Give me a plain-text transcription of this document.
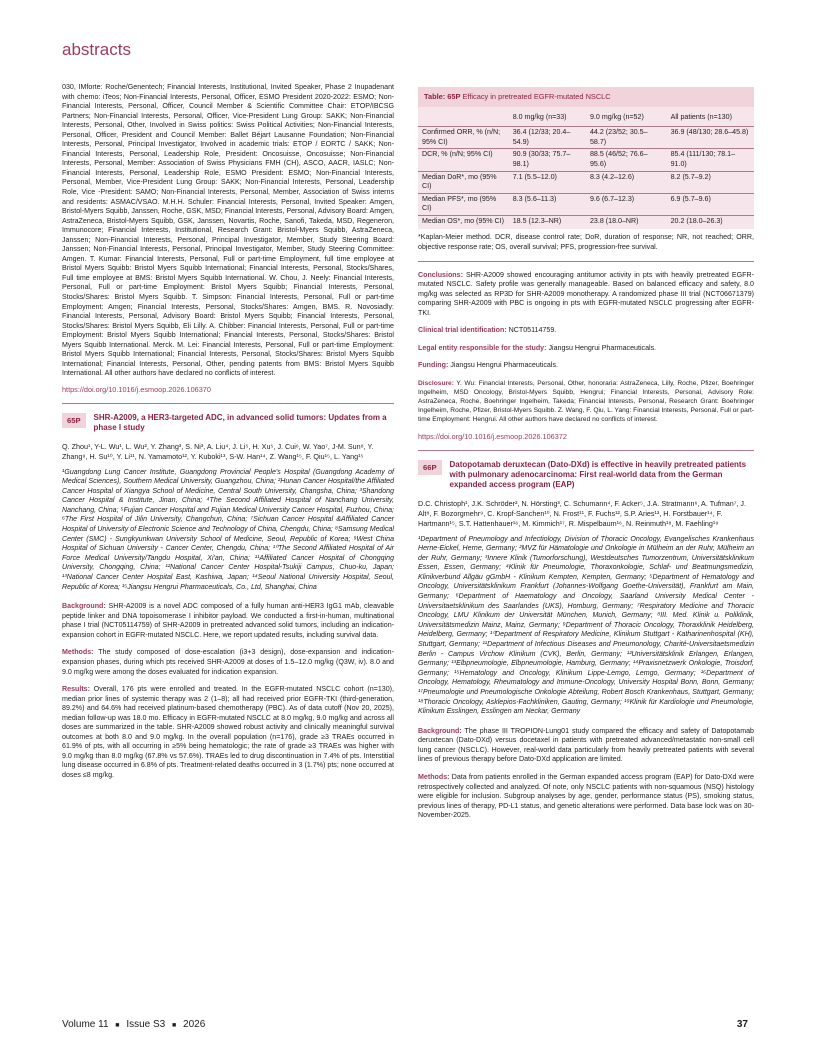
abstracts

030, IMforte: Roche/Genentech; Financial Interests, Institutional, Invited Speaker, Phase 2 Inupadenant with chemo: iTeos; Non-Financial Interests, Personal, Officer, ESMO President 2020-2022: ESMO; Non-Financial Interests, Personal, Officer, Council Member & Scientific Committee Chair: ETOP/IBCSG Partners; Non-Financial Interests, Personal, Officer, Vice-President Lung Group: SAKK; Non-Financial Interests, Personal, Other, Involved in Swiss politics: Swiss Political Activities; Non-Financial Interests, Personal, Officer, President and Council Member: Ballet Béjart Lausanne Foundation; Non-Financial Interests, Personal, Principal Investigator, Involved in academic trials: ETOP / EORTC / SAKK; Non-Financial Interests, Personal, Leadership Role, President: Oncosuisse, Oncosuisse; Non-Financial Interests, Personal, Member: Association of Swiss Physicians FMH (CH), ASCO, AACR, IASLC; Non-Financial Interests, Personal, Leadership Role, ESMO President: ESMO; Non-Financial Interests, Personal, Member, Vice-President Lung Group: SAKK; Non-Financial Interests, Personal, Leadership Role, Vice -President: SAMO; Non-Financial Interests, Personal, Member, Association of Swiss interns and residents: ASMAC/VSAO. M.H.H. Schuler: Financial Interests, Personal, Invited Speaker: Amgen, Bristol-Myers Squibb, Janssen, Roche, GSK, MSD; Financial Interests, Personal, Advisory Board: Amgen, AstraZeneca, Bristol-Myers Squibb, GSK, Janssen, Novartis, Roche, Sanofi, Takeda, MSD, Regeneron, Immunocore; Financial Interests, Institutional, Research Grant: Bristol-Myers Squibb, AstraZeneca, Janssen; Non-Financial Interests, Personal, Principal Investigator, Member, Study Steering Board: Janssen; Non-Financial Interests, Personal, Principal Investigator, Member, Study Steering Committee: Amgen. T. Kumar: Financial Interests, Personal, Full or part-time Employment, full time employee at Bristol Myers Squibb: Bristol Myers Squibb International; Financial Interests, Personal, Stocks/Shares, Full time employee at BMS: Bristol Myers Squibb International. W. Chou, J. Neely: Financial Interests, Personal, Full or part-time Employment: Bristol Myers Squibb; Financial Interests, Personal, Stocks/Shares: Bristol Myers Squibb. T. Simpson: Financial Interests, Personal, Full or part-time Employment: Amgen; Financial Interests, Personal, Stocks/Shares: Amgen, BMS. R. Novosiadly: Financial Interests, Personal, Advisory Board: Bristol Myers Squibb; Financial Interests, Personal, Stocks/Shares: Bristol Myers Squibb, Eli Lilly. A. Chibber: Financial Interests, Personal, Full or part-time Employment: Bristol Myers Squibb International; Financial Interests, Personal, Stocks/Shares: Bristol Myers Squibb International. Merck. M. Lei: Financial Interests, Personal, Full or part-time Employment: Bristol Myers Squibb International; Financial Interests, Personal, Stocks/Shares: Bristol Myers Squibb International; Financial Interests, Personal, Other, pending patents from BMS: Bristol Myers Squibb International. All other authors have declared no conflicts of interest.

https://doi.org/10.1016/j.esmoop.2026.106370

65P	SHR-A2009, a HER3-targeted ADC, in advanced solid tumors: Updates from a phase I study

Q. Zhou¹, Y-L. Wu¹, L. Wu², Y. Zhang³, S. Ni³, A. Liu⁴, J. Li⁵, H. Xu⁵, J. Cui⁶, W. Yao⁷, J-M. Sun⁸, Y. Zhang⁹, H. Su¹⁰, Y. Li¹¹, N. Yamamoto¹², Y. Kuboki¹³, S-W. Han¹⁴, Z. Wang¹⁵, F. Qiu¹⁵, L. Yang¹⁵

¹Guangdong Lung Cancer Institute, Guangdong Provincial People's Hospital (Guangdong Academy of Medical Sciences), Southern Medical University, Guangzhou, China; ²Hunan Cancer Hospital/the Affiliated Cancer Hospital of Xiangya School of Medicine, Central South University, Changsha, China; ³Shandong Cancer Hospital & Institute, Jinan, China; ⁴The Second Affiliated Hospital of Nanchang University, Nanchang, China; ⁵Fujian Cancer Hospital and Fujian Medical University Cancer Hospital, Fuzhou, China; ⁶The First Hospital of Jilin University, Changchun, China; ⁷Sichuan Cancer Hospital &Affiliated Cancer Hospital of University of Electronic Science and Technology of China, Chengdu, China; ⁸Samsung Medical Center (SMC) - Sungkyunkwan University School of Medicine, Seoul, Republic of Korea; ⁹West China Hospital of Sichuan University - Cancer Center, Chengdu, China; ¹⁰The Second Affiliated Hospital of Air Force Medical University/Tangdu Hospital, Xi'an, China; ¹¹Affiliated Cancer Hospital of Chongqing University, Chongqing, China; ¹²National Cancer Center Hospital-Tsukiji Campus, Chuo-ku, Japan; ¹³National Cancer Center Hospital East, Kashiwa, Japan; ¹⁴Seoul National University Hospital, Seoul, Republic of Korea; ¹⁵Jiangsu Hengrui Pharmaceuticals, Co., Ltd, Shanghai, China

Background: SHR-A2009 is a novel ADC composed of a fully human anti-HER3 IgG1 mAb, cleavable peptide linker and DNA topoisomerase I inhibitor payload. We conducted a first-in-human, multinational phase I trial (NCT05114759) of SHR-A2009 in pretreated advanced solid tumors, including an indication-expansion cohort in EGFR-mutated NSCLC. Here, we report updated results, including survival data.

Methods: The study composed of dose-escalation (i3+3 design), dose-expansion and indication-expansion phases, during which pts received SHR-A2009 at doses of 1.5–12.0 mg/kg (Q3W, iv). 8.0 and 9.0 mg/kg were among the doses evaluated for indication expansion.

Results: Overall, 176 pts were enrolled and treated. In the EGFR-mutated NSCLC cohort (n=130), median prior lines of systemic therapy was 2 (1–8); all had received prior EGFR-TKI (third-generation, 89.2%) and 64.6% had received platinum-based chemotherapy (PBC). As of data cutoff (Nov 20, 2025), median follow-up was 18.0 mo. Efficacy in EGFR-mutated NSCLC at 8.0 mg/kg, 9.0 mg/kg and across all doses are summarized in the table. SHR-A2009 showed robust activity and clinically meaningful survival outcomes at both 8.0 and 9.0 mg/kg. In the overall population (n=176), grade ≥3 TRAEs occurred in 61.9% of pts, with all occurring in ≥5% being hematologic; the rate of grade ≥3 TRAEs was higher with 9.0 mg/kg than 8.0 mg/kg (67.8% vs 57.6%). TRAEs led to drug discontinuation in 7.4% of pts. Interstitial lung disease occurred in 6.8% of pts. Treatment-related deaths occurred in 3 (1.7%) pts; none occurred at doses ≤8 mg/kg.

Table: 65P Efficacy in pretreated EGFR-mutated NSCLC
	8.0 mg/kg (n=33)	9.0 mg/kg (n=52)	All patients (n=130)
Confirmed ORR, % (n/N; 95% CI)	36.4 (12/33; 20.4–54.9)	44.2 (23/52; 30.5–58.7)	36.9 (48/130; 28.6–45.8)
DCR, % (n/N; 95% CI)	90.9 (30/33; 75.7–98.1)	88.5 (46/52; 76.6–95.6)	85.4 (111/130; 78.1–91.0)
Median DoR*, mo (95% CI)	7.1 (5.5–12.0)	8.3 (4.2–12.6)	8.2 (5.7–9.2)
Median PFS*, mo (95% CI)	8.3 (5.6–11.3)	9.6 (6.7–12.3)	6.9 (5.7–9.6)
Median OS*, mo (95% CI)	18.5 (12.3–NR)	23.8 (18.0–NR)	20.2 (18.0–26.3)

*Kaplan-Meier method. DCR, disease control rate; DoR, duration of response; NR, not reached; ORR, objective response rate; OS, overall survival; PFS, progression-free survival.

Conclusions: SHR-A2009 showed encouraging antitumor activity in pts with heavily pretreated EGFR-mutated NSCLC. Safety profile was generally manageable. Based on balanced efficacy and safety, 8.0 mg/kg was selected as RP3D for SHR-A2009 monotherapy. A randomized phase III trial (NCT06671379) comparing SHR-A2009 with PBC is ongoing in pts with EGFR-mutated NSCLC progressing after EGFR-TKI.

Clinical trial identification: NCT05114759.

Legal entity responsible for the study: Jiangsu Hengrui Pharmaceuticals.

Funding: Jiangsu Hengrui Pharmaceuticals.

Disclosure: Y. Wu: Financial Interests, Personal, Other, honoraria: AstraZeneca, Lilly, Roche, Pfizer, Boehringer Ingelheim, MSD Oncology, Bristol-Myers Squibb, Hengrui; Financial Interests, Personal, Advisory Role: AstraZeneca, Roche, Boehringer Ingelheim, Takeda; Financial Interests, Personal, Research Grant: Boehringer Ingelheim, Roche, Pfizer, Bristol-Myers Squibb. Z. Wang, F. Qiu, L. Yang: Financial Interests, Personal, Full or part-time Employment: Hengrui. All other authors have declared no conflicts of interest.

https://doi.org/10.1016/j.esmoop.2026.106372

66P	Datopotamab deruxtecan (Dato-DXd) is effective in heavily pretreated patients with pulmonary adenocarcinoma: First real-world data from the German expanded access program (EAP)

D.C. Christoph¹, J.K. Schröder², N. Hörsting³, C. Schumann⁴, F. Acker⁵, J.A. Stratmann⁶, A. Tufman⁷, J. Alt⁸, F. Bozorgmehr⁹, C. Kropf-Sanchen¹⁰, N. Frost¹¹, F. Fuchs¹², S.P. Aries¹³, H. Forstbauer¹⁴, F. Hartmann¹⁵, S.T. Hattenhauer¹⁶, M. Kimmich¹⁷, R. Mispelbaum¹⁶, N. Reinmuth¹⁸, M. Faehling¹⁹

¹Department of Pneumology and Infectiology, Division of Thoracic Oncology, Evangelisches Krankenhaus Herne-Eickel, Herne, Germany; ²MVZ für Hämatologie und Onkologie in Mülheim an der Ruhr, Mülheim an der Ruhr, Germany; ³Innere Klinik (Tumorforschung), Westdeutsches Tumorzentrum, Universitätsklinikum Essen, Essen, Germany; ⁴Klinik für Pneumologie, Thoraxonkologie, Schlaf- und Beatmungsmedizin, Klinikverbund Allgäu gGmbH - Klinikum Kempten, Kempten, Germany; ⁵Department of Hematology and Oncology, Universitätsklinikum Frankfurt (Johannes-Wolfgang Goethe-Universität), Frankfurt am Main, Germany; ⁶Department of Haematology and Oncology, Saarland University Medical Center - Universitaetsklinikum des Saarlandes (UKS), Homburg, Germany; ⁷Respiratory Medicine and Thoracic Oncology, LMU Klinikum der Universität München, Munich, Germany; ⁸III. Med. Klinik u. Poliklinik, Universitätsmedizin Mainz, Mainz, Germany; ⁹Department of Thoracic Oncology, Thoraxklinik Heidelberg, Heidelberg, Germany; ¹⁰Department of Respiratory Medicine, Klinikum Stuttgart - Katharinenhospital (KH), Stuttgart, Germany; ¹¹Department of Infectious Diseases and Pneumonology, Charité-Universitaetsmedizin Berlin - Campus Virchow Klinikum (CVK), Berlin, Germany; ¹²Universitätsklinik Erlangen, Erlangen, Germany; ¹³Elbpneumologie, Elbpneumologie, Hamburg, Germany; ¹⁴Praxisnetzwerk Onkologie, Troisdorf, Germany; ¹⁵Hematology and Oncology, Klinikum Lippe-Lemgo, Lemgo, Germany; ¹⁶Department of Oncology, Hematology, Rheumatology and Immune-Oncology, University Hospital Bonn, Bonn, Germany; ¹⁷Pneumologie und Pneumologische Onkologie Abteilung, Robert Bosch Krankenhaus, Stuttgart, Germany; ¹⁸Thoracic Oncology, Asklepios-Fachkliniken, Gauting, Germany; ¹⁹Klinik für Kardiologie und Pneumologie, Klinikum Esslingen, Esslingen am Neckar, Germany

Background: The phase III TROPION-Lung01 study compared the efficacy and safety of Datopotamab deruxtecan (Dato-DXd) versus docetaxel in patients with pretreated advanced/metastatic non-small cell lung cancer (NSCLC). However, real-world data particularly from heavily pretreated patients with several lines of previous therapy before Dato-DXd application are limited.

Methods: Data from patients enrolled in the German expanded access program (EAP) for Dato-DXd were retrospectively collected and analyzed. Of note, only NSCLC patients with non-squamous (NSQ) histology were eligible for inclusion. Subgroup analyses by age, gender, performance status (PS), smoking status, previous lines of therapy, PD-L1 status, and genetic alterations were performed. Data base lock was on 30-November-2025.

Volume 11 ■ Issue S3 ■ 2026	37
